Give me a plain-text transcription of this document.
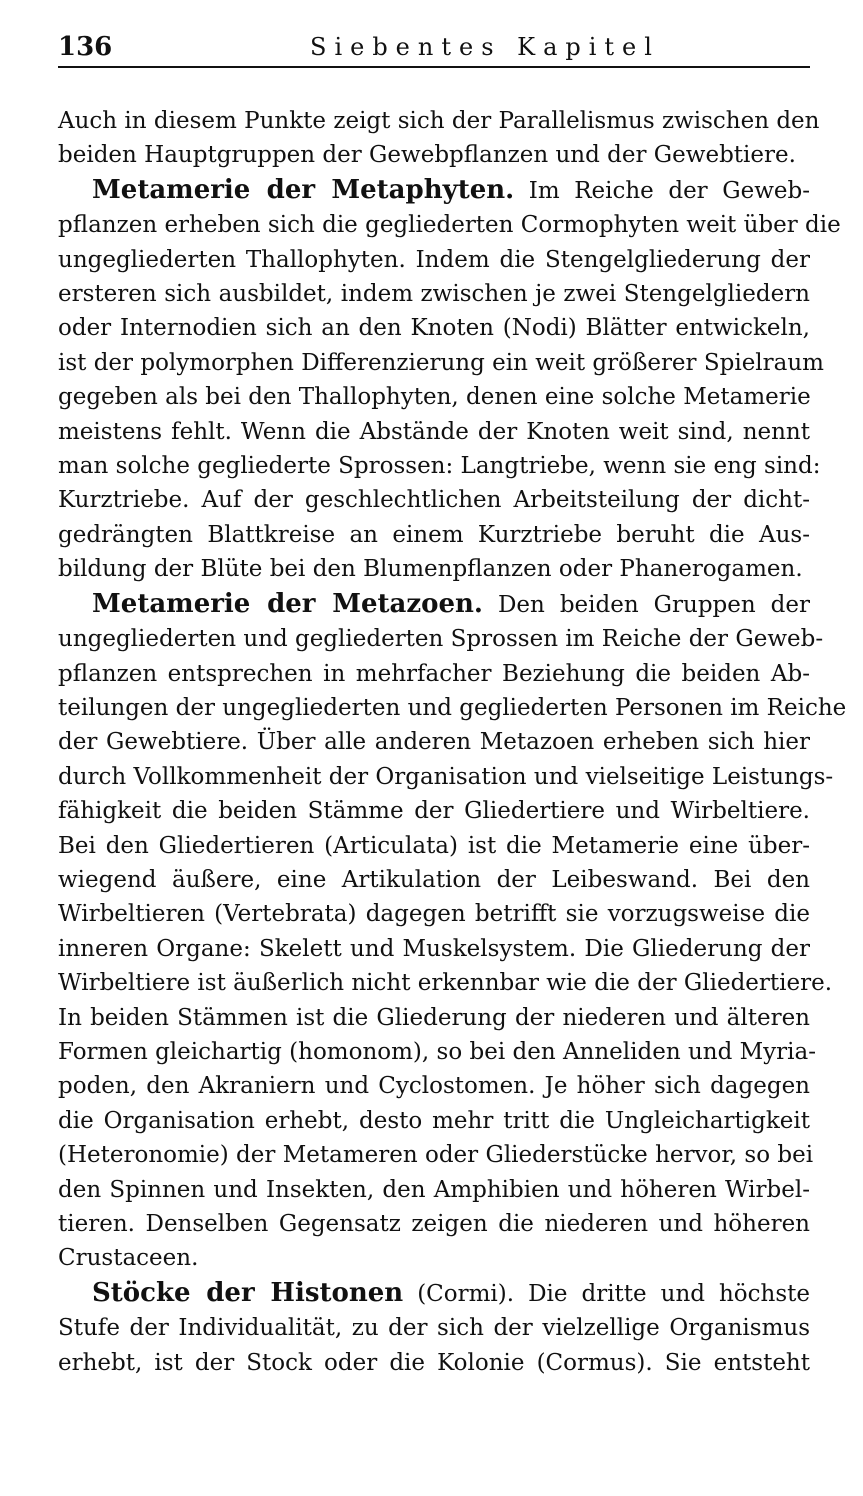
136	Siebentes Kapitel

Auch in diesem Punkte zeigt sich der Parallelismus zwischen den
beiden Hauptgruppen der Gewebpflanzen und der Gewebtiere.

Metamerie der Metaphyten. Im Reiche der Geweb-
pflanzen erheben sich die gegliederten Cormophyten weit über die
ungegliederten Thallophyten. Indem die Stengelgliederung der
ersteren sich ausbildet, indem zwischen je zwei Stengelgliedern
oder Internodien sich an den Knoten (Nodi) Blätter entwickeln,
ist der polymorphen Differenzierung ein weit größerer Spielraum
gegeben als bei den Thallophyten, denen eine solche Metamerie
meistens fehlt. Wenn die Abstände der Knoten weit sind, nennt
man solche gegliederte Sprossen: Langtriebe, wenn sie eng sind:
Kurztriebe. Auf der geschlechtlichen Arbeitsteilung der dicht-
gedrängten Blattkreise an einem Kurztriebe beruht die Aus-
bildung der Blüte bei den Blumenpflanzen oder Phanerogamen.

Metamerie der Metazoen. Den beiden Gruppen der
ungegliederten und gegliederten Sprossen im Reiche der Geweb-
pflanzen entsprechen in mehrfacher Beziehung die beiden Ab-
teilungen der ungegliederten und gegliederten Personen im Reiche
der Gewebtiere. Über alle anderen Metazoen erheben sich hier
durch Vollkommenheit der Organisation und vielseitige Leistungs-
fähigkeit die beiden Stämme der Gliedertiere und Wirbeltiere.
Bei den Gliedertieren (Articulata) ist die Metamerie eine über-
wiegend äußere, eine Artikulation der Leibeswand. Bei den
Wirbeltieren (Vertebrata) dagegen betrifft sie vorzugsweise die
inneren Organe: Skelett und Muskelsystem. Die Gliederung der
Wirbeltiere ist äußerlich nicht erkennbar wie die der Gliedertiere.
In beiden Stämmen ist die Gliederung der niederen und älteren
Formen gleichartig (homonom), so bei den Anneliden und Myria-
poden, den Akraniern und Cyclostomen. Je höher sich dagegen
die Organisation erhebt, desto mehr tritt die Ungleichartigkeit
(Heteronomie) der Metameren oder Gliederstücke hervor, so bei
den Spinnen und Insekten, den Amphibien und höheren Wirbel-
tieren. Denselben Gegensatz zeigen die niederen und höheren
Crustaceen.

Stöcke der Histonen (Cormi). Die dritte und höchste
Stufe der Individualität, zu der sich der vielzellige Organismus
erhebt, ist der Stock oder die Kolonie (Cormus). Sie entsteht
